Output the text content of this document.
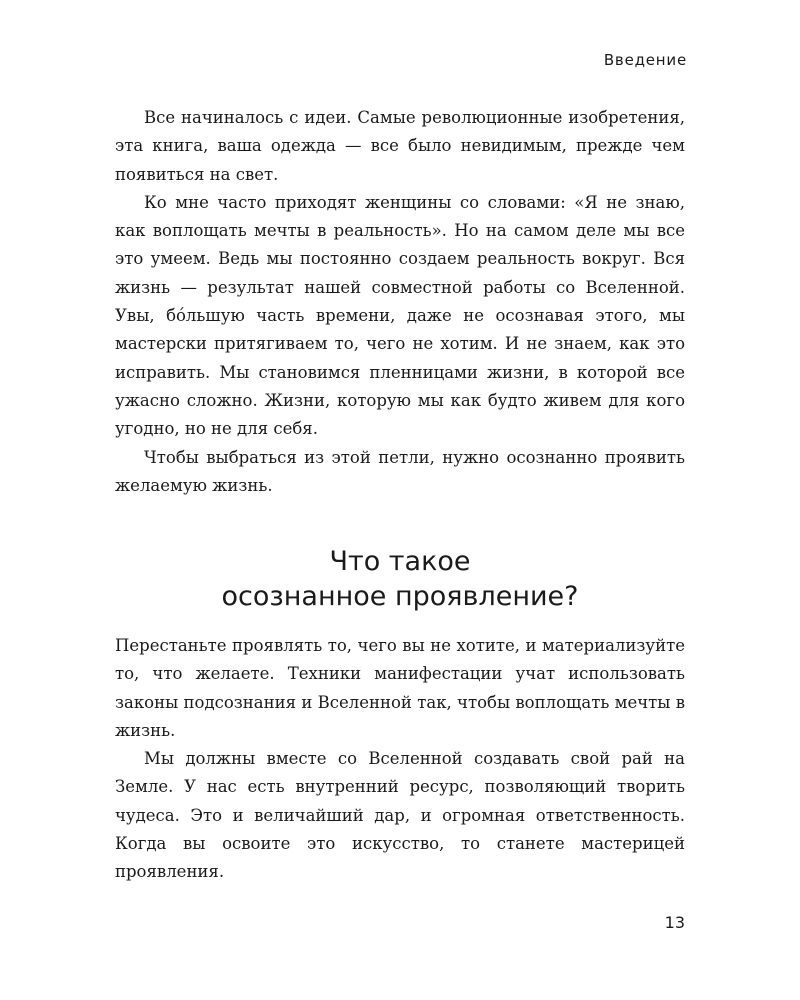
Введение

Все начиналось с идеи. Самые революционные изобретения, эта книга, ваша одежда — все было невидимым, прежде чем появиться на свет.

Ко мне часто приходят женщины со словами: «Я не знаю, как воплощать мечты в реальность». Но на самом деле мы все это умеем. Ведь мы постоянно создаем реальность вокруг. Вся жизнь — результат нашей совместной работы со Вселенной. Увы, бóльшую часть времени, даже не осознавая этого, мы мастерски притягиваем то, чего не хотим. И не знаем, как это исправить. Мы становимся пленницами жизни, в которой все ужасно сложно. Жизни, которую мы как будто живем для кого угодно, но не для себя.

Чтобы выбраться из этой петли, нужно осознанно проявить желаемую жизнь.

Что такое
осознанное проявление?

Перестаньте проявлять то, чего вы не хотите, и материализуйте то, что желаете. Техники манифестации учат использовать законы подсознания и Вселенной так, чтобы воплощать мечты в жизнь.

Мы должны вместе со Вселенной создавать свой рай на Земле. У нас есть внутренний ресурс, позволяющий творить чудеса. Это и величайший дар, и огромная ответственность. Когда вы освоите это искусство, то станете мастерицей проявления.

13
